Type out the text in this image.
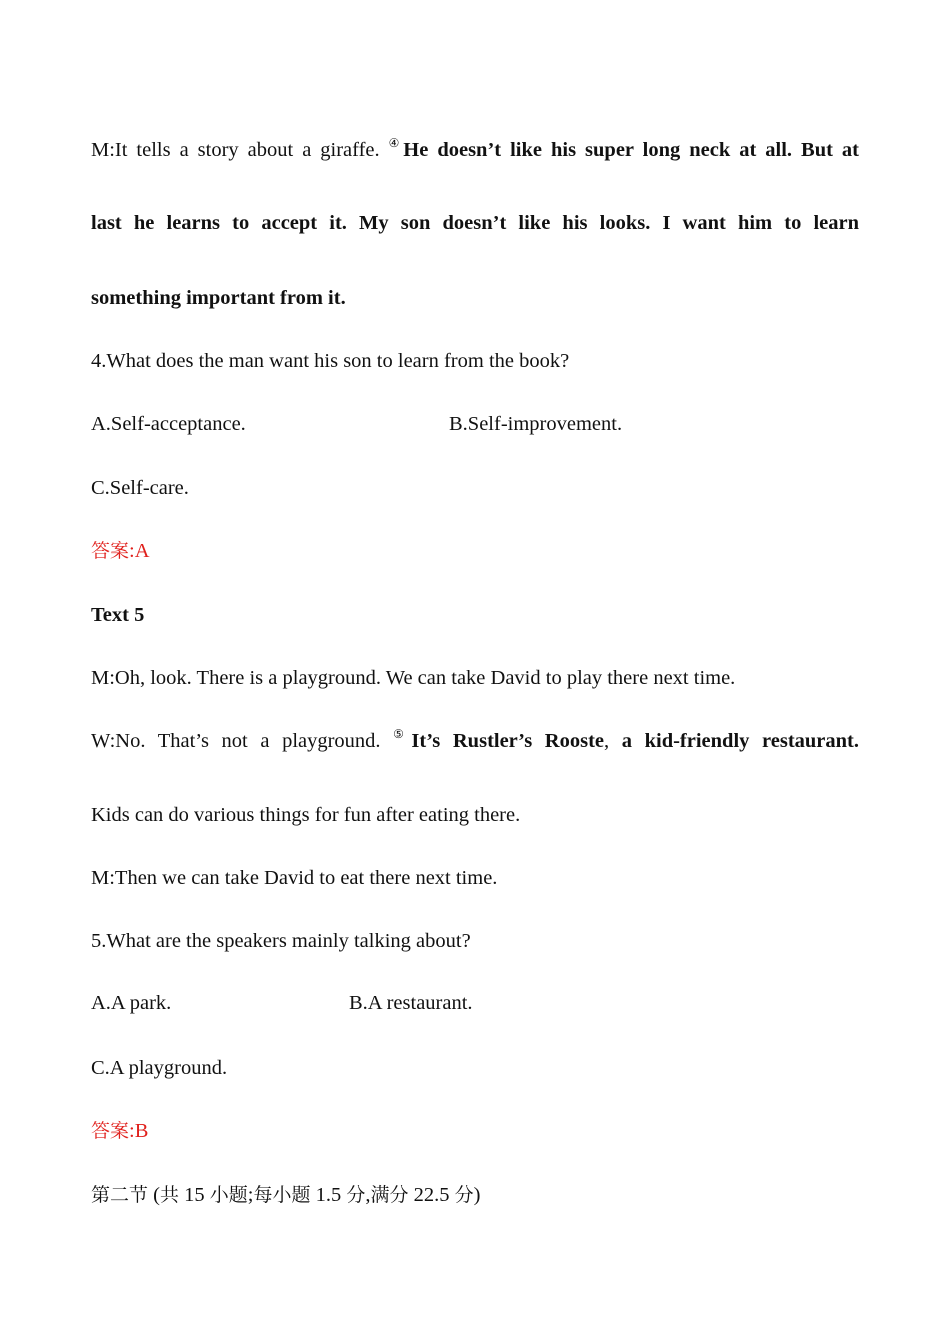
M:It tells a story about a giraffe. ④He doesn’t like his super long neck at all. But at
last he learns to accept it. My son doesn’t like his looks. I want him to learn
something important from it.
4.What does the man want his son to learn from the book?
A.Self-acceptance.	B.Self-improvement.
C.Self-care.
答案:A
Text 5
M:Oh, look. There is a playground. We can take David to play there next time.
W:No. That’s not a playground. ⑤It’s Rustler’s Rooste, a kid-friendly restaurant.
Kids can do various things for fun after eating there.
M:Then we can take David to eat there next time.
5.What are the speakers mainly talking about?
A.A park.	B.A restaurant.
C.A playground.
答案:B
第二节 (共 15 小题;每小题 1.5 分,满分 22.5 分)
